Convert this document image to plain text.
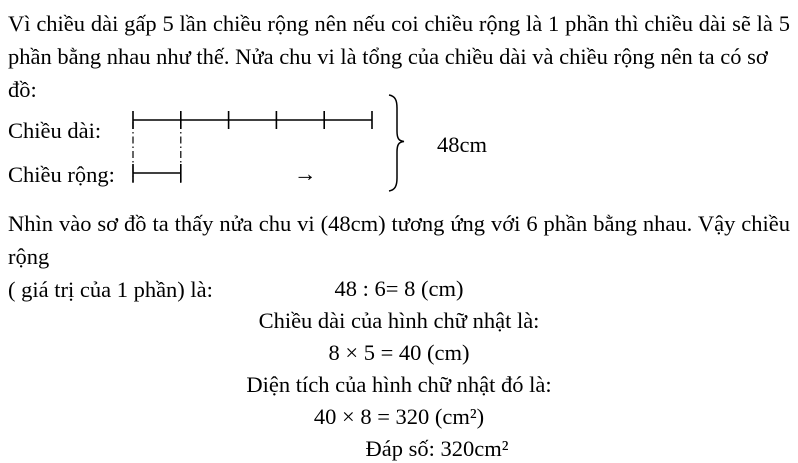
Vì chiều dài gấp 5 lần chiều rộng nên nếu coi chiều rộng là 1 phần thì chiều dài sẽ là 5
phần bằng nhau như thế. Nửa chu vi là tổng của chiều dài và chiều rộng nên ta có sơ đồ:
Chiều dài:
Chiều rộng:	→
48cm
Nhìn vào sơ đồ ta thấy nửa chu vi (48cm) tương ứng với 6 phần bằng nhau. Vậy chiều rộng
( giá trị của 1 phần) là:	48 : 6= 8 (cm)
Chiều dài của hình chữ nhật là:
8 × 5 = 40 (cm)
Diện tích của hình chữ nhật đó là:
40 × 8 = 320 (cm²)
Đáp số: 320cm²
